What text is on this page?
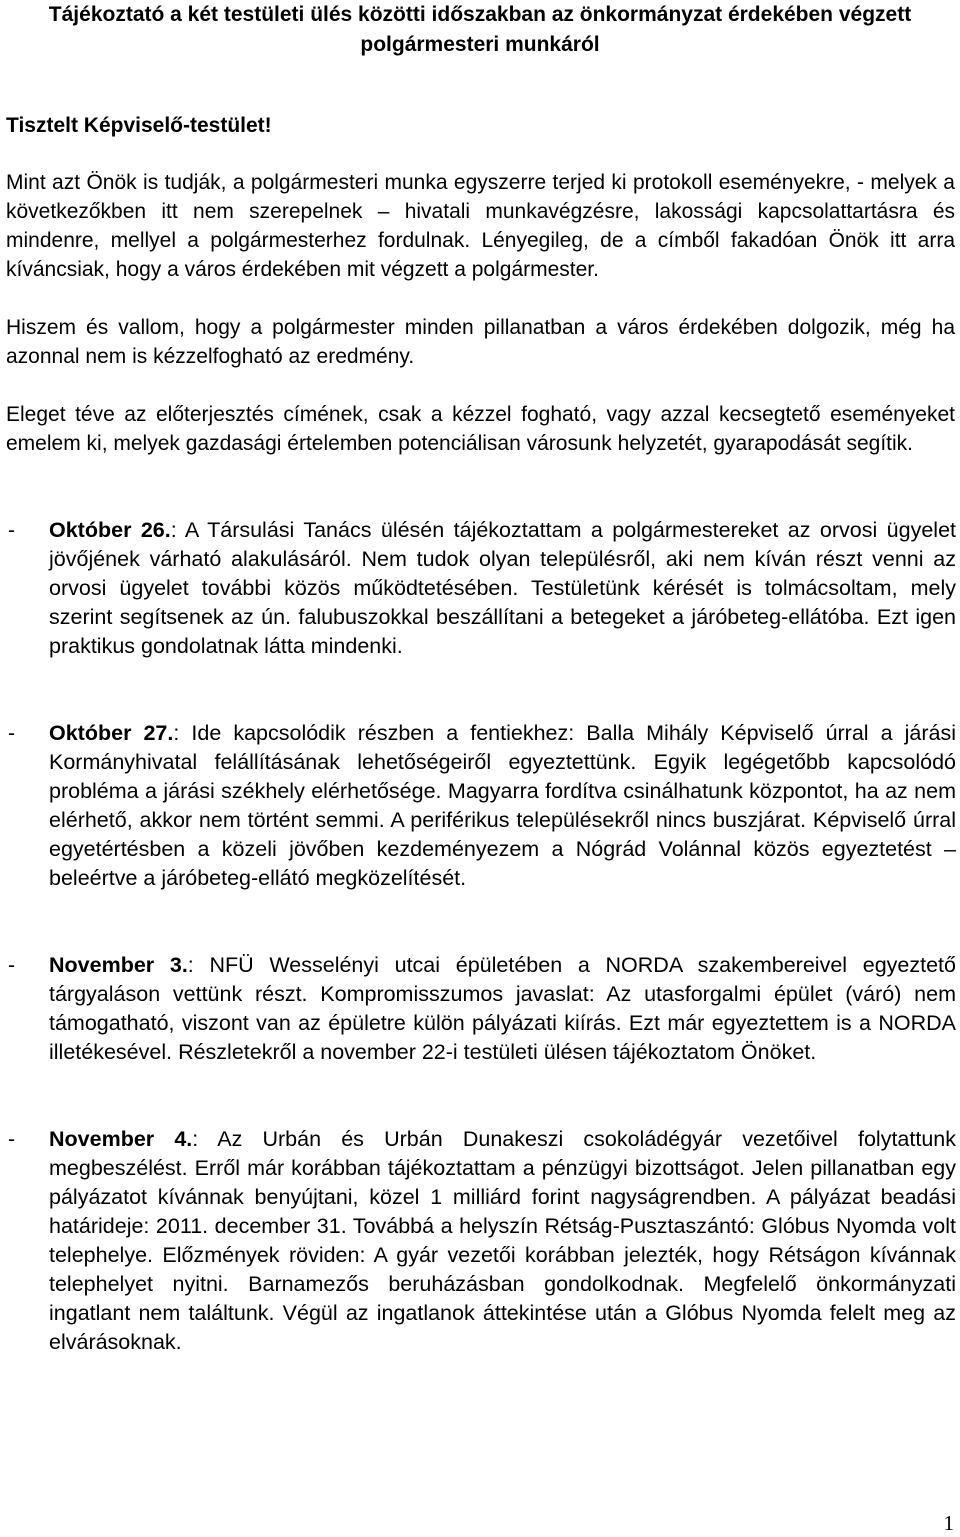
Tájékoztató a két testületi ülés közötti időszakban az önkormányzat érdekében végzett polgármesteri munkáról
Tisztelt Képviselő-testület!
Mint azt Önök is tudják, a polgármesteri munka egyszerre terjed ki protokoll eseményekre, - melyek a következőkben itt nem szerepelnek – hivatali munkavégzésre, lakossági kapcsolattartásra és mindenre, mellyel a polgármesterhez fordulnak. Lényegileg, de a címből fakadóan Önök itt arra kíváncsiak, hogy a város érdekében mit végzett a polgármester.
Hiszem és vallom, hogy a polgármester minden pillanatban a város érdekében dolgozik, még ha azonnal nem is kézzelfogható az eredmény.
Eleget téve az előterjesztés címének, csak a kézzel fogható, vagy azzal kecsegtető eseményeket emelem ki, melyek gazdasági értelemben potenciálisan városunk helyzetét, gyarapodását segítik.
- Október 26.: A Társulási Tanács ülésén tájékoztattam a polgármestereket az orvosi ügyelet jövőjének várható alakulásáról. Nem tudok olyan településről, aki nem kíván részt venni az orvosi ügyelet további közös működtetésében. Testületünk kérését is tolmácsoltam, mely szerint segítsenek az ún. falubuszokkal beszállítani a betegeket a járóbeteg-ellátóba. Ezt igen praktikus gondolatnak látta mindenki.
- Október 27.: Ide kapcsolódik részben a fentiekhez: Balla Mihály Képviselő úrral a járási Kormányhivatal felállításának lehetőségeiről egyeztettünk. Egyik legégetőbb kapcsolódó probléma a járási székhely elérhetősége. Magyarra fordítva csinálhatunk központot, ha az nem elérhető, akkor nem történt semmi. A periférikus településekről nincs buszjárat. Képviselő úrral egyetértésben a közeli jövőben kezdeményezem a Nógrád Volánnal közös egyeztetést – beleértve a járóbeteg-ellátó megközelítését.
- November 3.: NFÜ Wesselényi utcai épületében a NORDA szakembereivel egyeztető tárgyaláson vettünk részt. Kompromisszumos javaslat: Az utasforgalmi épület (váró) nem támogatható, viszont van az épületre külön pályázati kiírás. Ezt már egyeztettem is a NORDA illetékesével. Részletekről a november 22-i testületi ülésen tájékoztatom Önöket.
- November 4.: Az Urbán és Urbán Dunakeszi csokoládégyár vezetőivel folytattunk megbeszélést. Erről már korábban tájékoztattam a pénzügyi bizottságot. Jelen pillanatban egy pályázatot kívánnak benyújtani, közel 1 milliárd forint nagyságrendben. A pályázat beadási határideje: 2011. december 31. Továbbá a helyszín Rétság-Pusztaszántó: Glóbus Nyomda volt telephelye. Előzmények röviden: A gyár vezetői korábban jelezték, hogy Rétságon kívánnak telephelyet nyitni. Barnamezős beruházásban gondolkodnak. Megfelelő önkormányzati ingatlant nem találtunk. Végül az ingatlanok áttekintése után a Glóbus Nyomda felelt meg az elvárásoknak.
1
